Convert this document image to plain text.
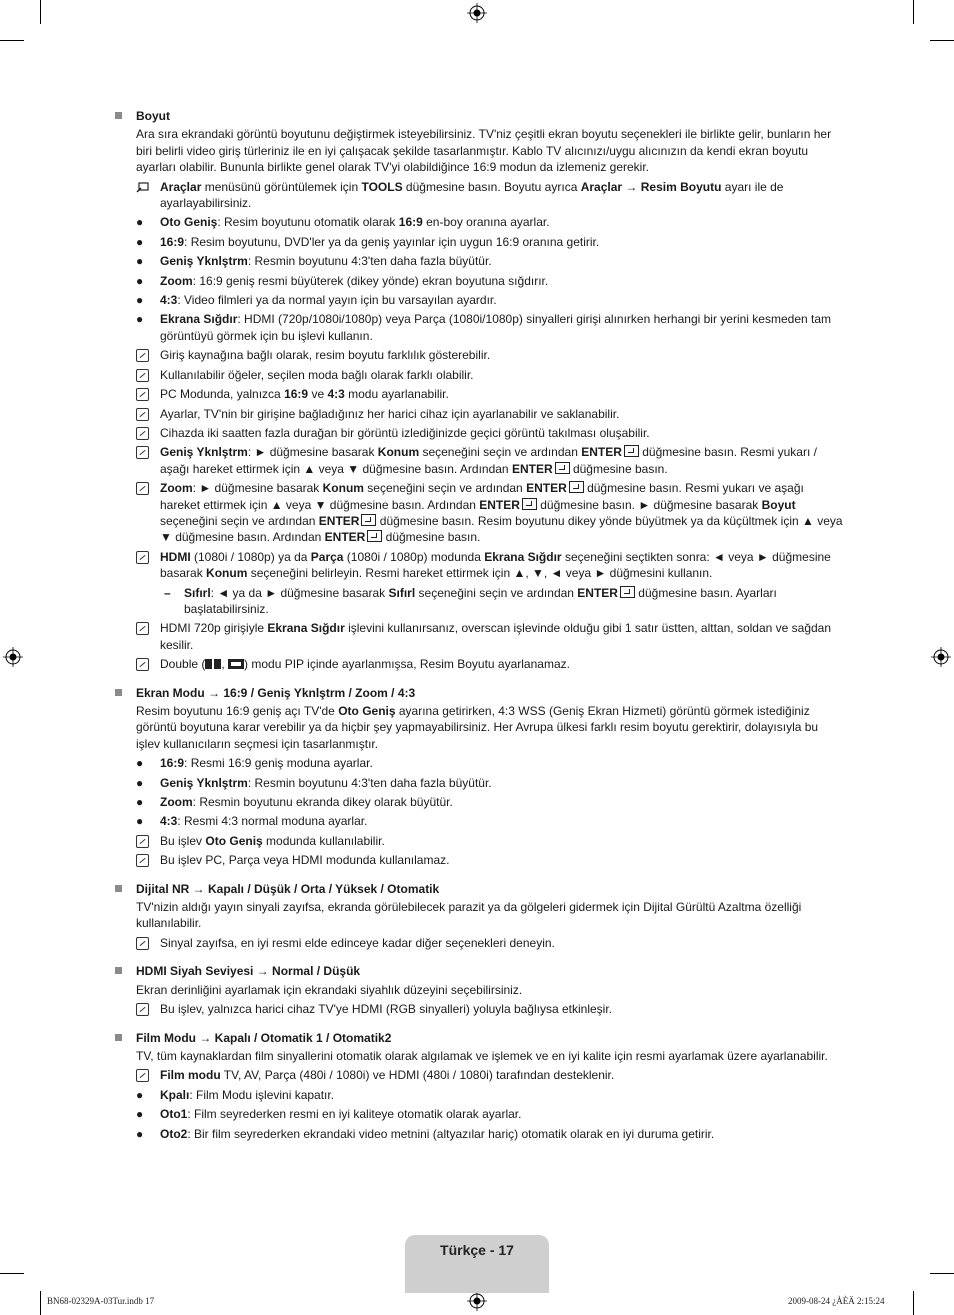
Boyut
Ara sıra ekrandaki görüntü boyutunu değiştirmek isteyebilirsiniz. TV'niz çeşitli ekran boyutu seçenekleri ile birlikte gelir, bunların her biri belirli video giriş türleriniz ile en iyi çalışacak şekilde tasarlanmıştır. Kablo TV alıcınızı/uygu alıcınızın da kendi ekran boyutu ayarları olabilir. Bununla birlikte genel olarak TV'yi olabildiğince 16:9 modun da izlemeniz gerekir.
Araçlar menüsünü görüntülemek için TOOLS düğmesine basın. Boyutu ayrıca Araçlar → Resim Boyutu ayarı ile de ayarlayabilirsiniz.
●	Oto Geniş: Resim boyutunu otomatik olarak 16:9 en-boy oranına ayarlar.
●	16:9: Resim boyutunu, DVD'ler ya da geniş yayınlar için uygun 16:9 oranına getirir.
●	Geniş Yknlştrm: Resmin boyutunu 4:3'ten daha fazla büyütür.
●	Zoom: 16:9 geniş resmi büyüterek (dikey yönde) ekran boyutuna sığdırır.
●	4:3: Video filmleri ya da normal yayın için bu varsayılan ayardır.
●	Ekrana Sığdır: HDMI (720p/1080i/1080p) veya Parça (1080i/1080p) sinyalleri girişi alınırken herhangi bir yerini kesmeden tam görüntüyü görmek için bu işlevi kullanın.
Giriş kaynağına bağlı olarak, resim boyutu farklılık gösterebilir.
Kullanılabilir öğeler, seçilen moda bağlı olarak farklı olabilir.
PC Modunda, yalnızca 16:9 ve 4:3 modu ayarlanabilir.
Ayarlar, TV'nin bir girişine bağladığınız her harici cihaz için ayarlanabilir ve saklanabilir.
Cihazda iki saatten fazla durağan bir görüntü izlediğinizde geçici görüntü takılması oluşabilir.
Geniş Yknlştrm: ► düğmesine basarak Konum seçeneğini seçin ve ardından ENTER düğmesine basın. Resmi yukarı / aşağı hareket ettirmek için ▲ veya ▼ düğmesine basın. Ardından ENTER düğmesine basın.
Zoom: ► düğmesine basarak Konum seçeneğini seçin ve ardından ENTER düğmesine basın. Resmi yukarı ve aşağı hareket ettirmek için ▲ veya ▼ düğmesine basın. Ardından ENTER düğmesine basın. ► düğmesine basarak Boyut seçeneğini seçin ve ardından ENTER düğmesine basın. Resim boyutunu dikey yönde büyütmek ya da küçültmek için ▲ veya ▼ düğmesine basın. Ardından ENTER düğmesine basın.
HDMI (1080i / 1080p) ya da Parça (1080i / 1080p) modunda Ekrana Sığdır seçeneğini seçtikten sonra: ◄ veya ► düğmesine basarak Konum seçeneğini belirleyin. Resmi hareket ettirmek için ▲, ▼, ◄ veya ► düğmesini kullanın.
– Sıfırl: ◄ ya da ► düğmesine basarak Sıfırl seçeneğini seçin ve ardından ENTER düğmesine basın. Ayarları başlatabilirsiniz.
HDMI 720p girişiyle Ekrana Sığdır işlevini kullanırsanız, overscan işlevinde olduğu gibi 1 satır üstten, alttan, soldan ve sağdan kesilir.
Double ( , ) modu PIP içinde ayarlanmışsa, Resim Boyutu ayarlanamaz.
Ekran Modu → 16:9 / Geniş Yknlştrm / Zoom / 4:3
Resim boyutunu 16:9 geniş açı TV'de Oto Geniş ayarına getirirken, 4:3 WSS (Geniş Ekran Hizmeti) görüntü görmek istediğiniz görüntü boyutuna karar verebilir ya da hiçbir şey yapmayabilirsiniz. Her Avrupa ülkesi farklı resim boyutu gerektirir, dolayısıyla bu işlev kullanıcıların seçmesi için tasarlanmıştır.
●	16:9: Resmi 16:9 geniş moduna ayarlar.
●	Geniş Yknlştrm: Resmin boyutunu 4:3'ten daha fazla büyütür.
●	Zoom: Resmin boyutunu ekranda dikey olarak büyütür.
●	4:3: Resmi 4:3 normal moduna ayarlar.
Bu işlev Oto Geniş modunda kullanılabilir.
Bu işlev PC, Parça veya HDMI modunda kullanılamaz.
Dijital NR → Kapalı / Düşük / Orta / Yüksek / Otomatik
TV'nizin aldığı yayın sinyali zayıfsa, ekranda görülebilecek parazit ya da gölgeleri gidermek için Dijital Gürültü Azaltma özelliği kullanılabilir.
Sinyal zayıfsa, en iyi resmi elde edinceye kadar diğer seçenekleri deneyin.
HDMI Siyah Seviyesi → Normal / Düşük
Ekran derinliğini ayarlamak için ekrandaki siyahlık düzeyini seçebilirsiniz.
Bu işlev, yalnızca harici cihaz TV'ye HDMI (RGB sinyalleri) yoluyla bağlıysa etkinleşir.
Film Modu → Kapalı / Otomatik 1 / Otomatik2
TV, tüm kaynaklardan film sinyallerini otomatik olarak algılamak ve işlemek ve en iyi kalite için resmi ayarlamak üzere ayarlanabilir.
Film modu TV, AV, Parça (480i / 1080i) ve HDMI (480i / 1080i) tarafından desteklenir.
●	Kpalı: Film Modu işlevini kapatır.
●	Oto1: Film seyrederken resmi en iyi kaliteye otomatik olarak ayarlar.
●	Oto2: Bir film seyrederken ekrandaki video metnini (altyazılar hariç) otomatik olarak en iyi duruma getirir.
Türkçe - 17
BN68-02329A-03Tur.indb 17	2009-08-24 ¿ÀÈÄ 2:15:24
